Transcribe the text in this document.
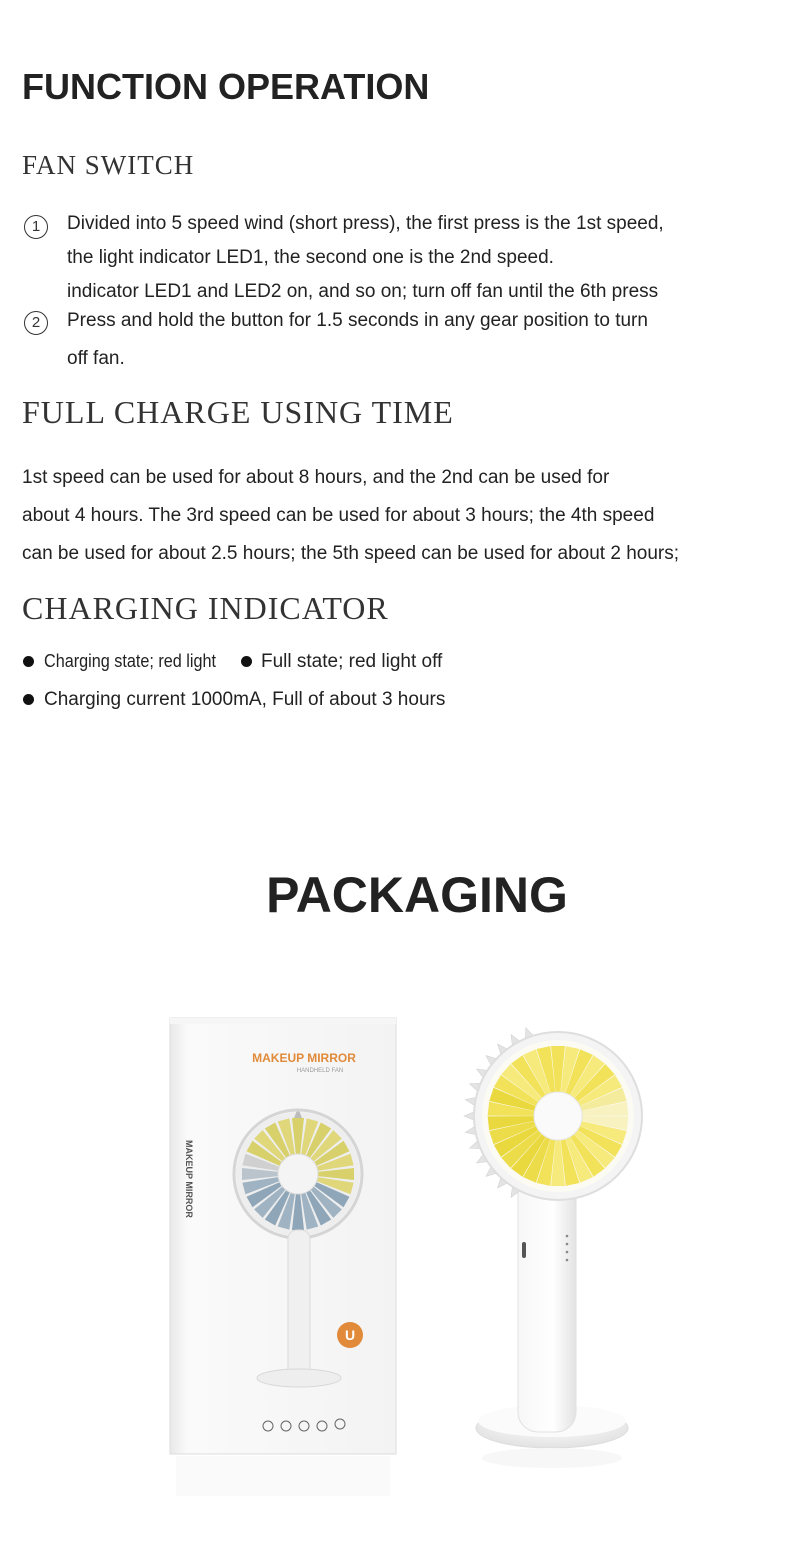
FUNCTION OPERATION
FAN SWITCH
1	Divided into 5 speed wind (short press), the first press is the 1st speed,
the light indicator LED1, the second one is the 2nd speed.
indicator LED1 and LED2 on, and so on; turn off fan until the 6th press
2	Press and hold the button for 1.5 seconds in any gear position to turn
off fan.
FULL CHARGE USING TIME
1st speed can be used for about 8 hours, and the 2nd can be used for
about 4 hours. The 3rd speed can be used for about 3 hours; the 4th speed
can be used for about 2.5 hours; the 5th speed can be used for about 2 hours;
CHARGING INDICATOR
Charging state; red light Full state; red light off
Charging current 1000mA, Full of about 3 hours
PACKAGING
MAKEUP MIRROR
HANDHELD FAN
MAKEUP MIRROR
U
